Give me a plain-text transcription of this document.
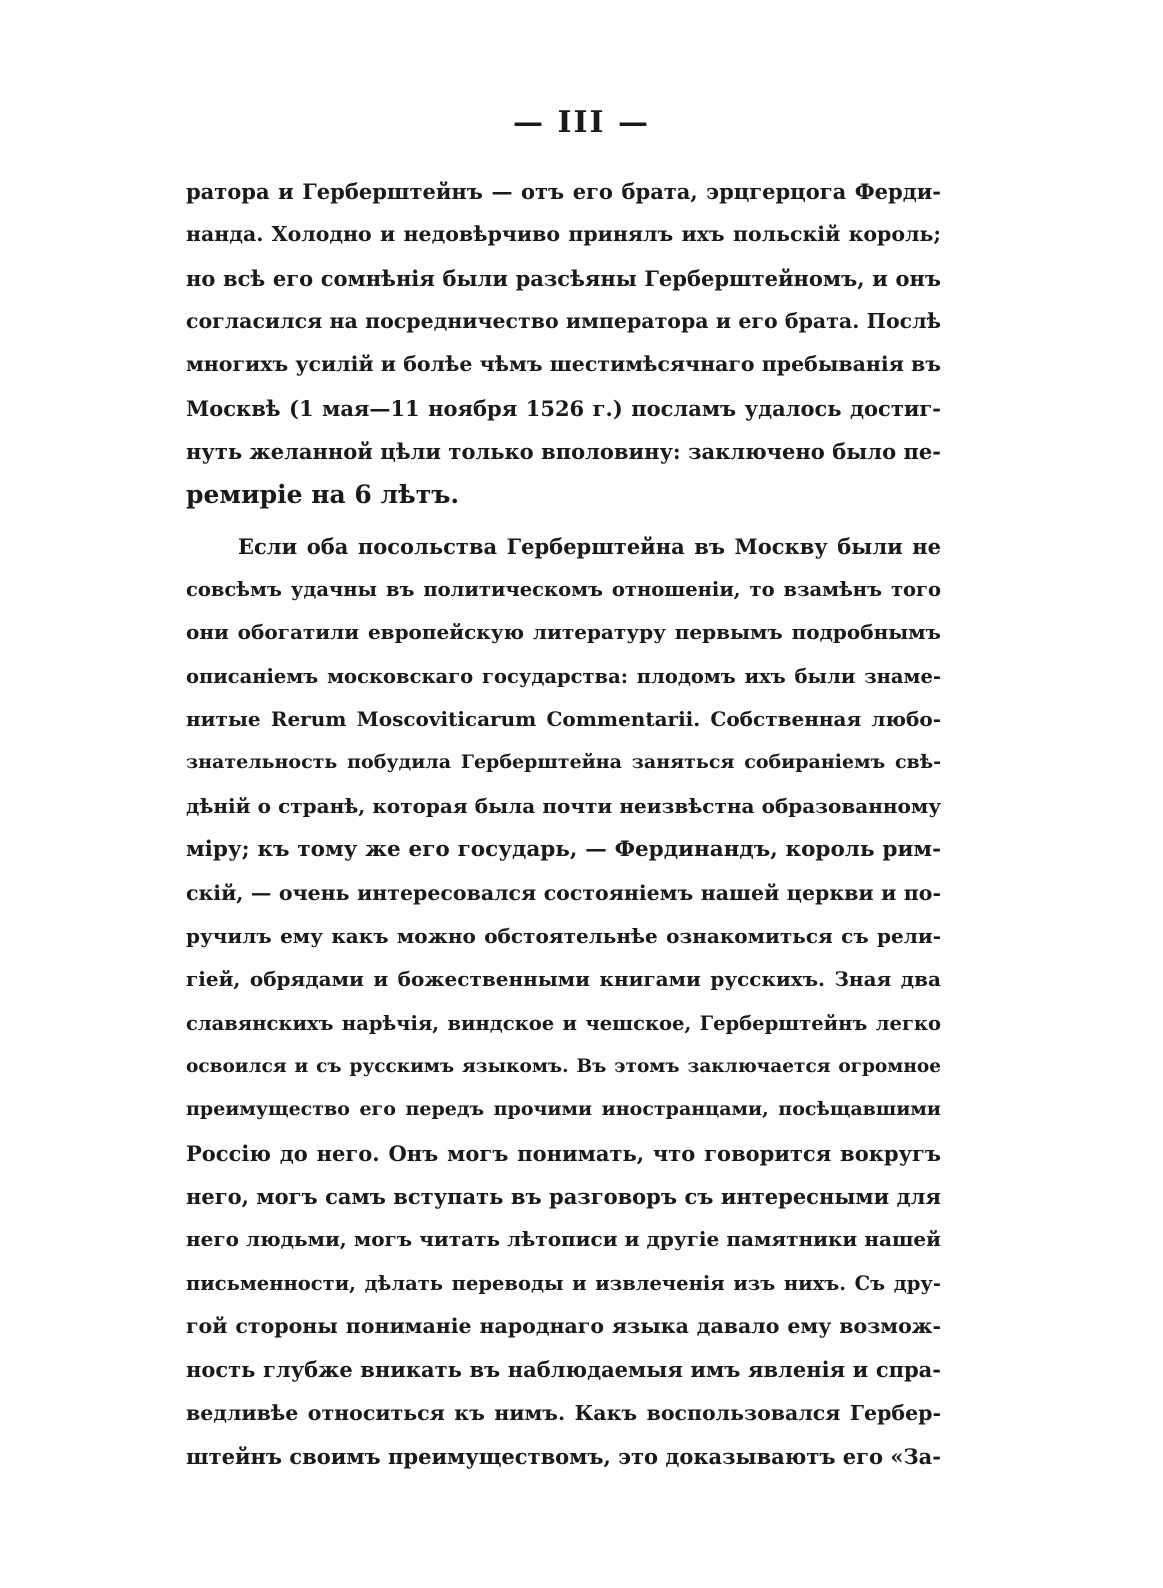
— III —
ратора и Герберштейнъ — отъ его брата, эрцгерцога Ферди-
нанда. Холодно и недовѣрчиво принялъ ихъ польскій король;
но всѣ его сомнѣнія были разсѣяны Герберштейномъ, и онъ
согласился на посредничество императора и его брата. Послѣ
многихъ усилій и болѣе чѣмъ шестимѣсячнаго пребыванія въ
Москвѣ (1 мая—11 ноября 1526 г.) посламъ удалось достиг-
нуть желанной цѣли только вполовину: заключено было пе-
ремиріе на 6 лѣтъ.
Если оба посольства Герберштейна въ Москву были не
совсѣмъ удачны въ политическомъ отношеніи, то взамѣнъ того
они обогатили европейскую литературу первымъ подробнымъ
описаніемъ московскаго государства: плодомъ ихъ были знаме-
нитые Rerum Moscoviticarum Commentarii. Собственная любо-
знательность побудила Герберштейна заняться собираніемъ свѣ-
дѣній о странѣ, которая была почти неизвѣстна образованному
міру; къ тому же его государь, — Фердинандъ, король рим-
скій, — очень интересовался состояніемъ нашей церкви и по-
ручилъ ему какъ можно обстоятельнѣе ознакомиться съ рели-
гіей, обрядами и божественными книгами русскихъ. Зная два
славянскихъ нарѣчія, виндское и чешское, Герберштейнъ легко
освоился и съ русскимъ языкомъ. Въ этомъ заключается огромное
преимущество его передъ прочими иностранцами, посѣщавшими
Россію до него. Онъ могъ понимать, что говорится вокругъ
него, могъ самъ вступать въ разговоръ съ интересными для
него людьми, могъ читать лѣтописи и другіе памятники нашей
письменности, дѣлать переводы и извлеченія изъ нихъ. Съ дру-
гой стороны пониманіе народнаго языка давало ему возмож-
ность глубже вникать въ наблюдаемыя имъ явленія и спра-
ведливѣе относиться къ нимъ. Какъ воспользовался Гербер-
штейнъ своимъ преимуществомъ, это доказываютъ его «За-
